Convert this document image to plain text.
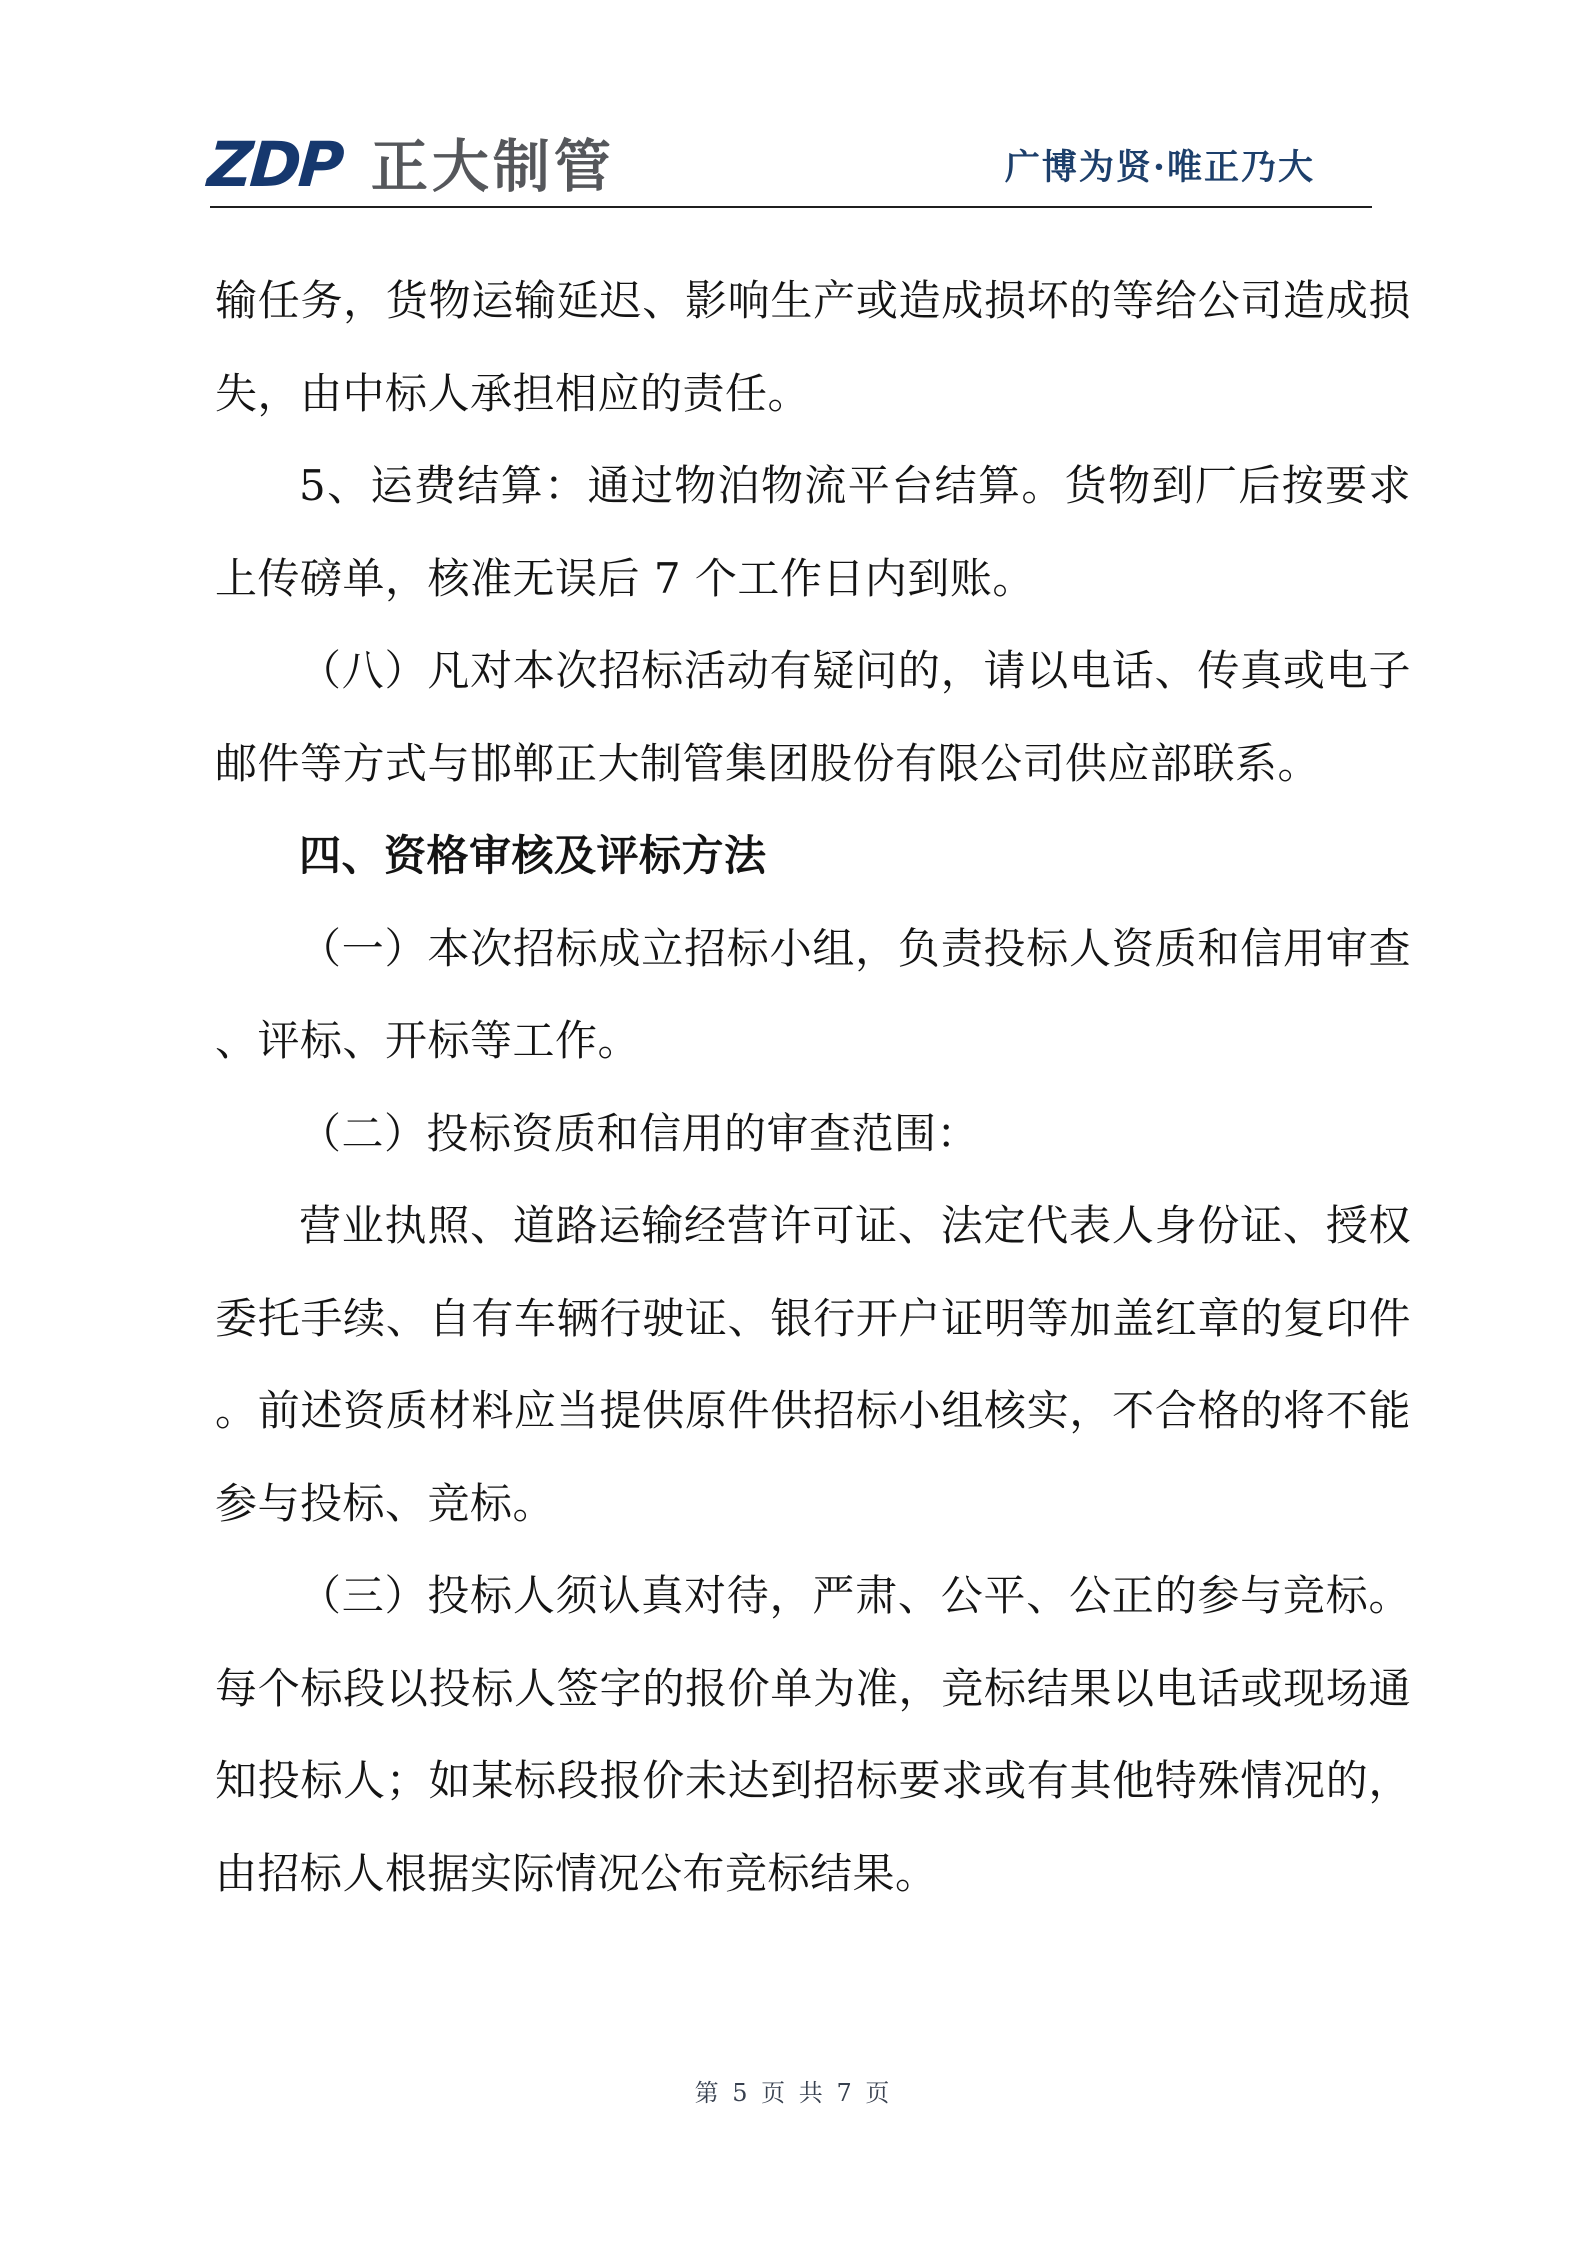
ZDP 正大制管	广博为贤·唯正乃大

输任务，货物运输延迟、影响生产或造成损坏的等给公司造成损失，由中标人承担相应的责任。

5、运费结算：通过物泊物流平台结算。货物到厂后按要求上传磅单，核准无误后 7 个工作日内到账。

（八）凡对本次招标活动有疑问的，请以电话、传真或电子邮件等方式与邯郸正大制管集团股份有限公司供应部联系。

四、资格审核及评标方法

（一）本次招标成立招标小组，负责投标人资质和信用审查、评标、开标等工作。

（二）投标资质和信用的审查范围：

营业执照、道路运输经营许可证、法定代表人身份证、授权委托手续、自有车辆行驶证、银行开户证明等加盖红章的复印件。前述资质材料应当提供原件供招标小组核实，不合格的将不能参与投标、竞标。

（三）投标人须认真对待，严肃、公平、公正的参与竞标。每个标段以投标人签字的报价单为准，竞标结果以电话或现场通知投标人；如某标段报价未达到招标要求或有其他特殊情况的，由招标人根据实际情况公布竞标结果。

第 5 页 共 7 页
